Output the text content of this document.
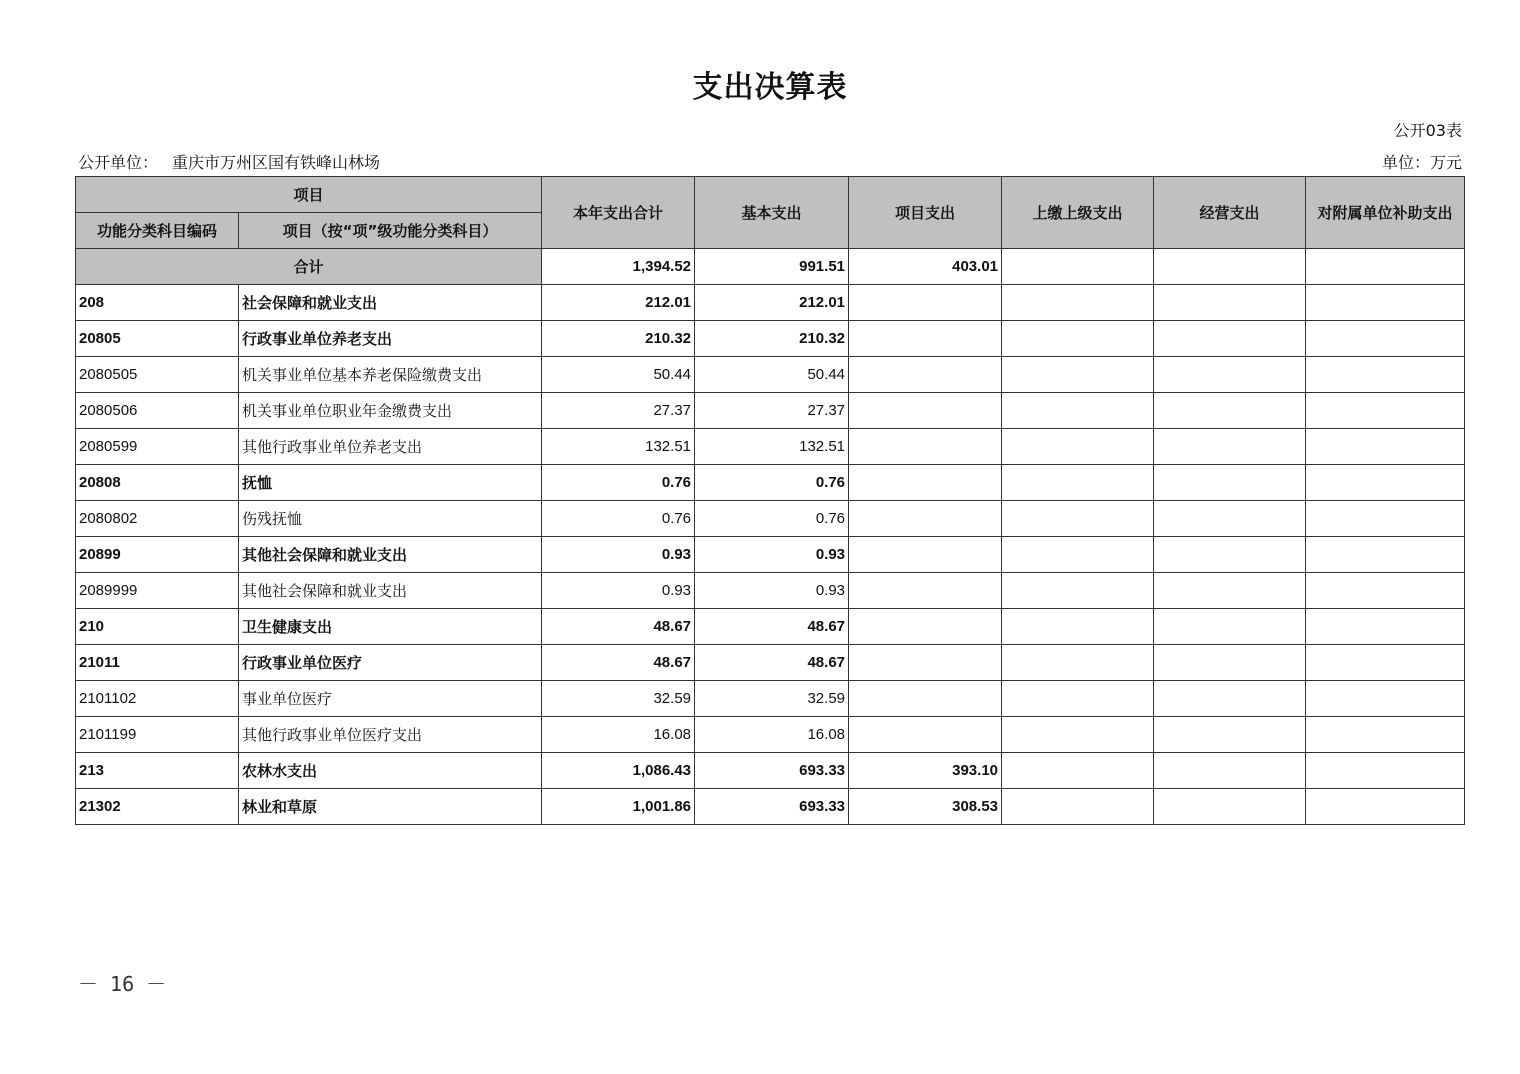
支出决算表
公开03表
公开单位： 重庆市万州区国有铁峰山林场	单位：万元
项目		本年支出合计	基本支出	项目支出	上缴上级支出	经营支出	对附属单位补助支出
功能分类科目编码	项目（按“项”级功能分类科目）						
合计		1,394.52	991.51	403.01			
208	社会保障和就业支出	212.01	212.01				
20805	行政事业单位养老支出	210.32	210.32				
2080505	机关事业单位基本养老保险缴费支出	50.44	50.44				
2080506	机关事业单位职业年金缴费支出	27.37	27.37				
2080599	其他行政事业单位养老支出	132.51	132.51				
20808	抚恤	0.76	0.76				
2080802	伤残抚恤	0.76	0.76				
20899	其他社会保障和就业支出	0.93	0.93				
2089999	其他社会保障和就业支出	0.93	0.93				
210	卫生健康支出	48.67	48.67				
21011	行政事业单位医疗	48.67	48.67				
2101102	事业单位医疗	32.59	32.59				
2101199	其他行政事业单位医疗支出	16.08	16.08				
213	农林水支出	1,086.43	693.33	393.10			
21302	林业和草原	1,001.86	693.33	308.53			
－ 16 －
